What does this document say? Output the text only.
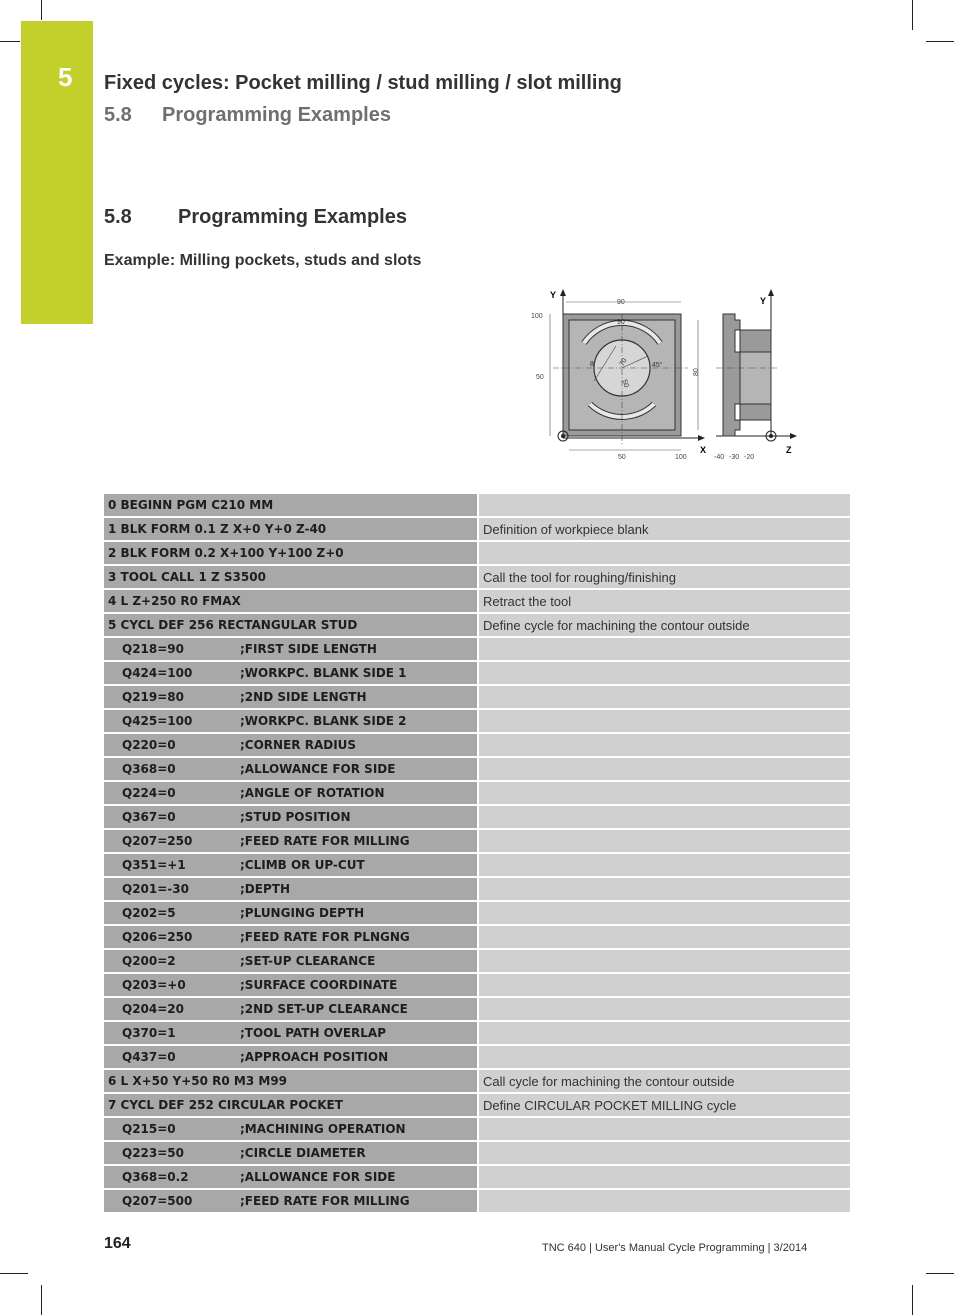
5 Fixed cycles: Pocket milling / stud milling / slot milling
5.8 Programming Examples
5.8 Programming Examples
Example: Milling pockets, studs and slots
Y
X
90
90°
45°
8	70
50
100
50
80
50	100
Y
Z
-40 -30 -20
0 BEGINN PGM C210 MM	
1 BLK FORM 0.1 Z X+0 Y+0 Z-40	Definition of workpiece blank
2 BLK FORM 0.2 X+100 Y+100 Z+0	
3 TOOL CALL 1 Z S3500	Call the tool for roughing/finishing
4 L Z+250 R0 FMAX	Retract the tool
5 CYCL DEF 256 RECTANGULAR STUD	Define cycle for machining the contour outside
Q218=90 ;FIRST SIDE LENGTH	
Q424=100 ;WORKPC. BLANK SIDE 1	
Q219=80 ;2ND SIDE LENGTH	
Q425=100 ;WORKPC. BLANK SIDE 2	
Q220=0 ;CORNER RADIUS	
Q368=0 ;ALLOWANCE FOR SIDE	
Q224=0 ;ANGLE OF ROTATION	
Q367=0 ;STUD POSITION	
Q207=250 ;FEED RATE FOR MILLING	
Q351=+1 ;CLIMB OR UP-CUT	
Q201=-30 ;DEPTH	
Q202=5 ;PLUNGING DEPTH	
Q206=250 ;FEED RATE FOR PLNGNG	
Q200=2 ;SET-UP CLEARANCE	
Q203=+0 ;SURFACE COORDINATE	
Q204=20 ;2ND SET-UP CLEARANCE	
Q370=1 ;TOOL PATH OVERLAP	
Q437=0 ;APPROACH POSITION	
6 L X+50 Y+50 R0 M3 M99	Call cycle for machining the contour outside
7 CYCL DEF 252 CIRCULAR POCKET	Define CIRCULAR POCKET MILLING cycle
Q215=0 ;MACHINING OPERATION	
Q223=50 ;CIRCLE DIAMETER	
Q368=0.2 ;ALLOWANCE FOR SIDE	
Q207=500 ;FEED RATE FOR MILLING	
164	TNC 640 | User's Manual Cycle Programming | 3/2014
